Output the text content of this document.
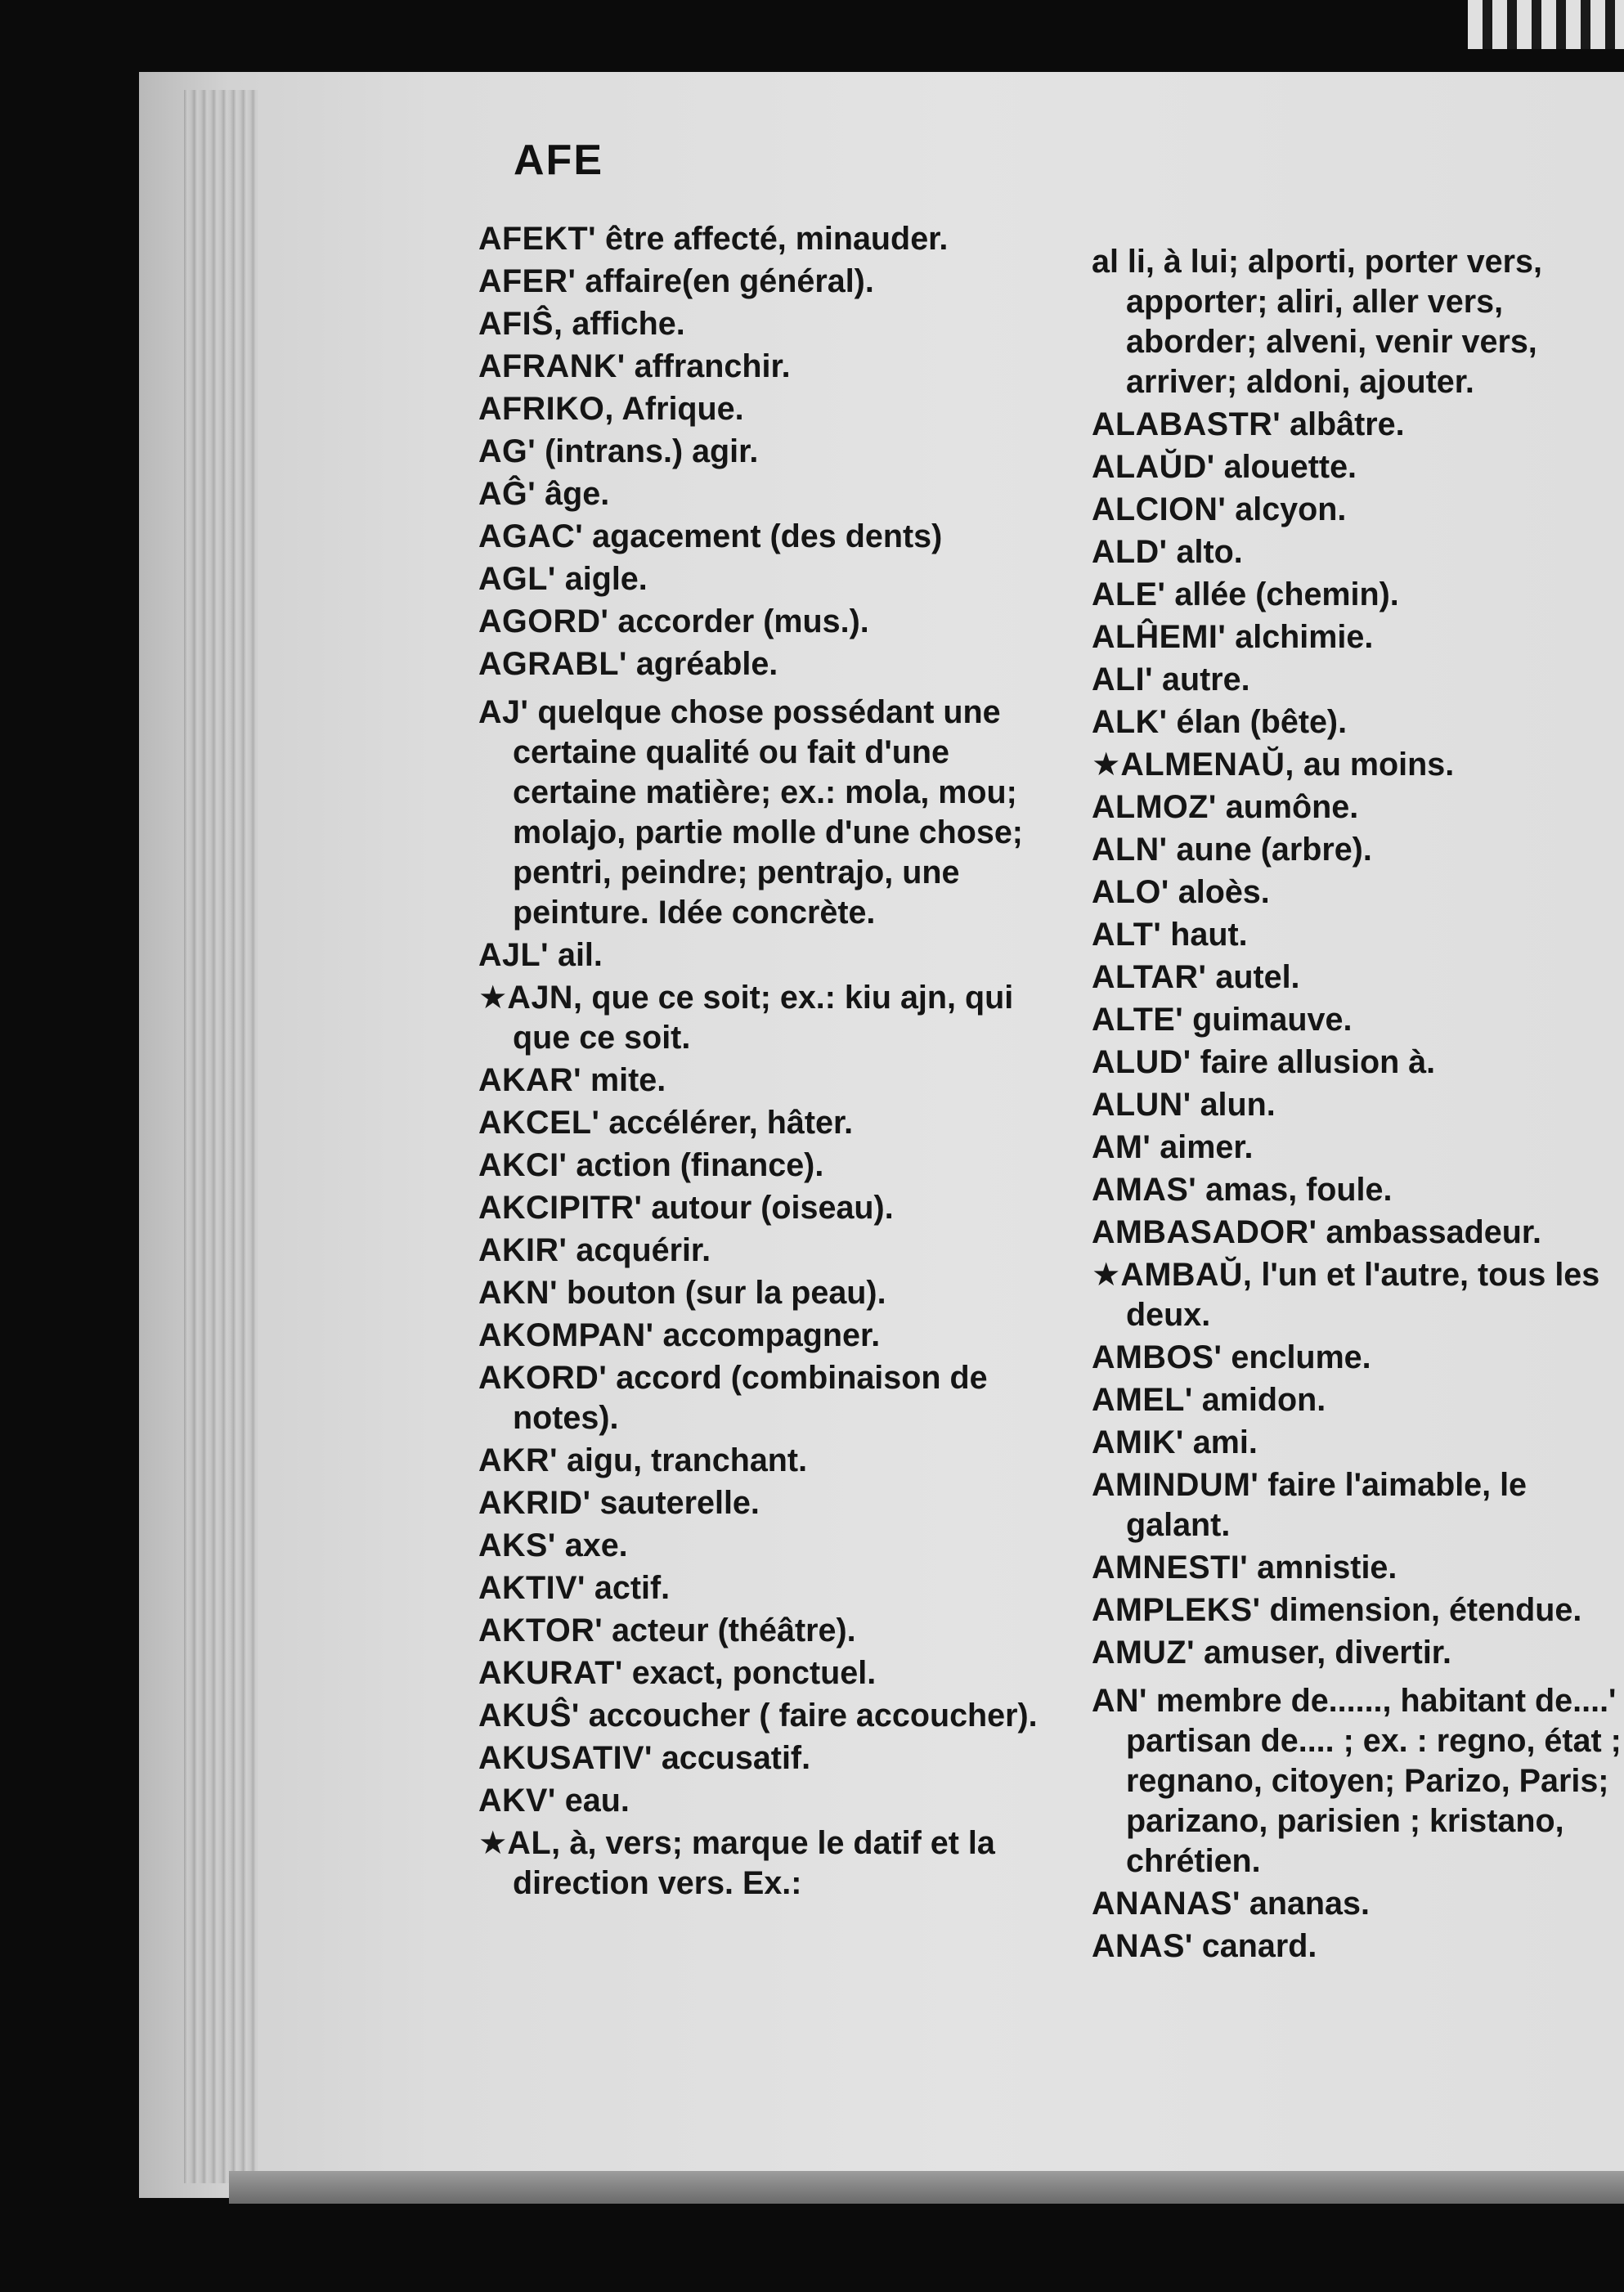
AFE
AFEKT' être affecté, minauder.
AFER' affaire(en général).
AFIŜ, affiche.
AFRANK' affranchir.
AFRIKO, Afrique.
AG' (intrans.) agir.
AĜ' âge.
AGAC' agacement (des dents)
AGL' aigle.
AGORD' accorder (mus.).
AGRABL' agréable.
AJ' quelque chose possédant une certaine qualité ou fait d'une certaine matière; ex.: mola, mou; molajo, partie molle d'une chose; pentri, peindre; pentrajo, une peinture. Idée concrète.
AJL' ail.
★AJN, que ce soit; ex.: kiu ajn, qui que ce soit.
AKAR' mite.
AKCEL' accélérer, hâter.
AKCI' action (finance).
AKCIPITR' autour (oiseau).
AKIR' acquérir.
AKN' bouton (sur la peau).
AKOMPAN' accompagner.
AKORD' accord (combinaison de notes).
AKR' aigu, tranchant.
AKRID' sauterelle.
AKS' axe.
AKTIV' actif.
AKTOR' acteur (théâtre).
AKURAT' exact, ponctuel.
AKUŜ' accoucher ( faire accoucher).
AKUSATIV' accusatif.
AKV' eau.
★AL, à, vers; marque le datif et la direction vers. Ex.:
al li, à lui; alporti, porter vers, apporter; aliri, aller vers, aborder; alveni, venir vers, arriver; aldoni, ajouter.
ALABASTR' albâtre.
ALAŬD' alouette.
ALCION' alcyon.
ALD' alto.
ALE' allée (chemin).
ALĤEMI' alchimie.
ALI' autre.
ALK' élan (bête).
★ALMENAŬ, au moins.
ALMOZ' aumône.
ALN' aune (arbre).
ALO' aloès.
ALT' haut.
ALTAR' autel.
ALTE' guimauve.
ALUD' faire allusion à.
ALUN' alun.
AM' aimer.
AMAS' amas, foule.
AMBASADOR' ambassadeur.
★AMBAŬ, l'un et l'autre, tous les deux.
AMBOS' enclume.
AMEL' amidon.
AMIK' ami.
AMINDUM' faire l'aimable, le galant.
AMNESTI' amnistie.
AMPLEKS' dimension, étendue.
AMUZ' amuser, divertir.
AN' membre de......, habitant de....' partisan de.... ; ex. : regno, état ; regnano, citoyen; Parizo, Paris; parizano, parisien ; kristano, chrétien.
ANANAS' ananas.
ANAS' canard.
